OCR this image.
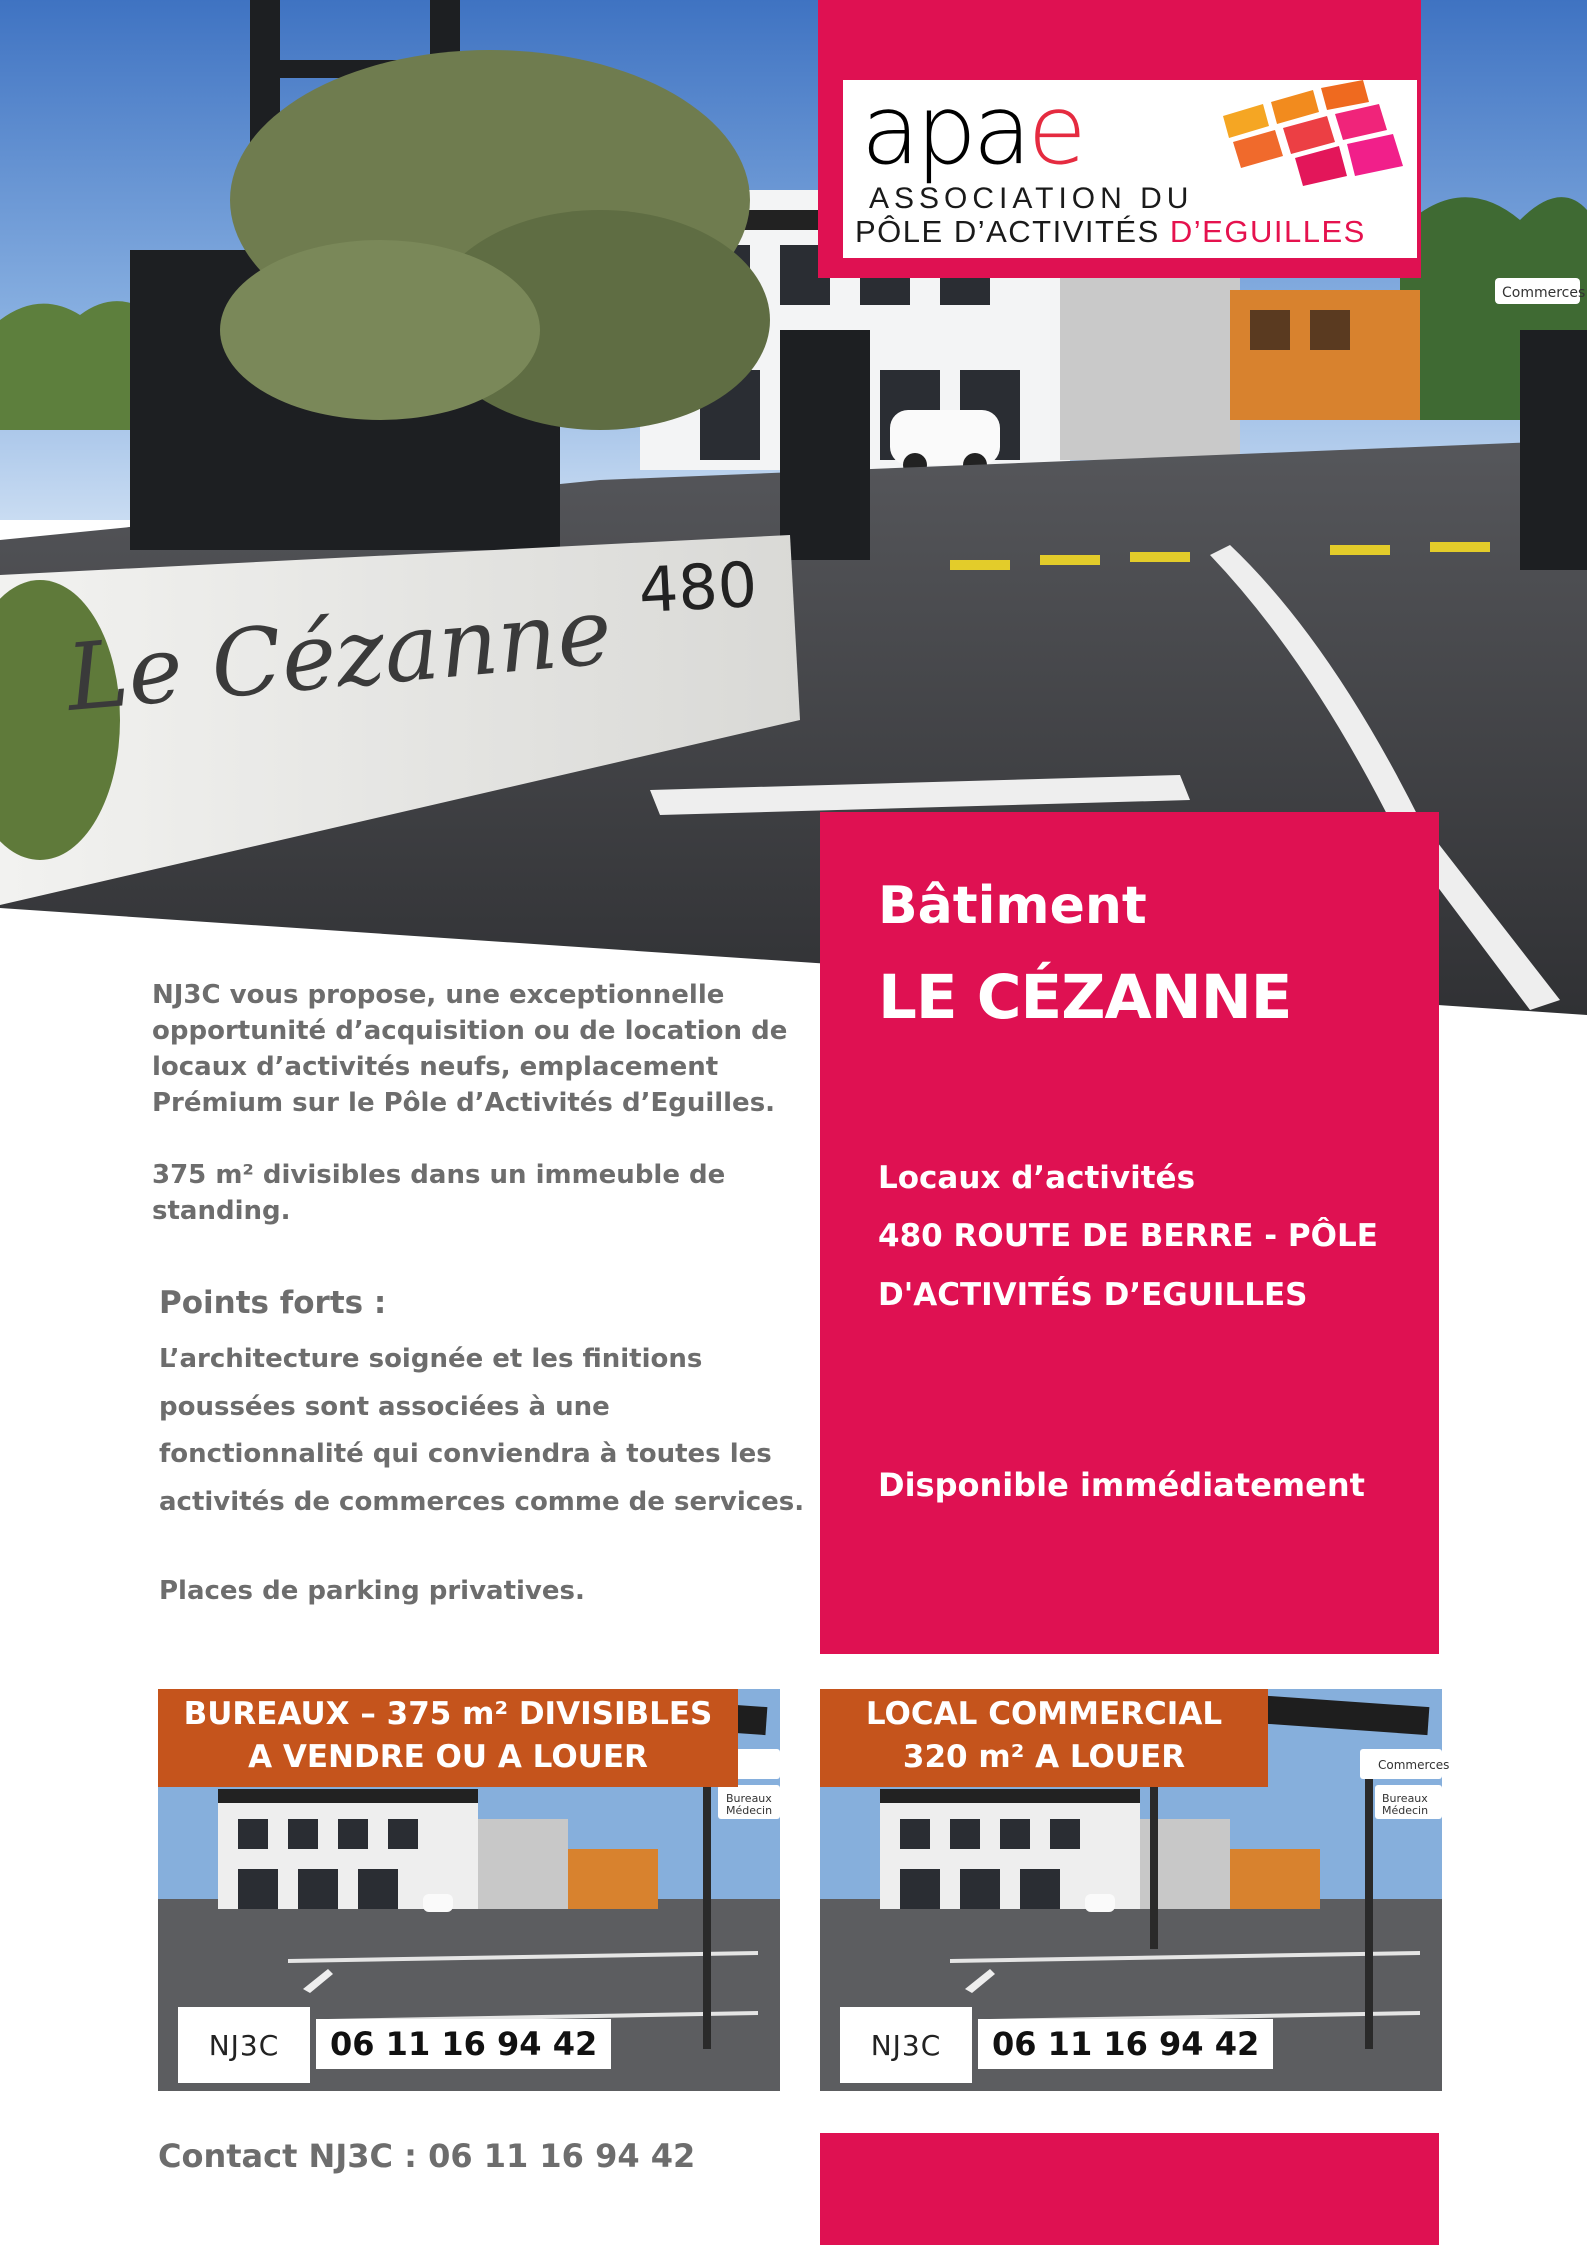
Le Cézanne 480
Commerces
apae
ASSOCIATION DU
PÔLE D’ACTIVITÉS D’EGUILLES
Bâtiment
LE CÉZANNE
Locaux d’activités
480 ROUTE DE BERRE - PÔLE
D'ACTIVITÉS D’EGUILLES
Disponible immédiatement
NJ3C vous propose, une exceptionnelle
opportunité d’acquisition ou de location de
locaux d’activités neufs, emplacement
Prémium sur le Pôle d’Activités d’Eguilles.
375 m² divisibles dans un immeuble de
standing.
Points forts :
L’architecture soignée et les finitions
poussées sont associées à une
fonctionnalité qui conviendra à toutes les
activités de commerces comme de services.
Places de parking privatives.
Bureaux
Médecin
BUREAUX – 375 m² DIVISIBLES
A VENDRE OU A LOUER
NJ3C	06 11 16 94 42
Commerces
Bureaux
Médecin
LOCAL COMMERCIAL
320 m² A LOUER
NJ3C	06 11 16 94 42
Contact NJ3C : 06 11 16 94 42
